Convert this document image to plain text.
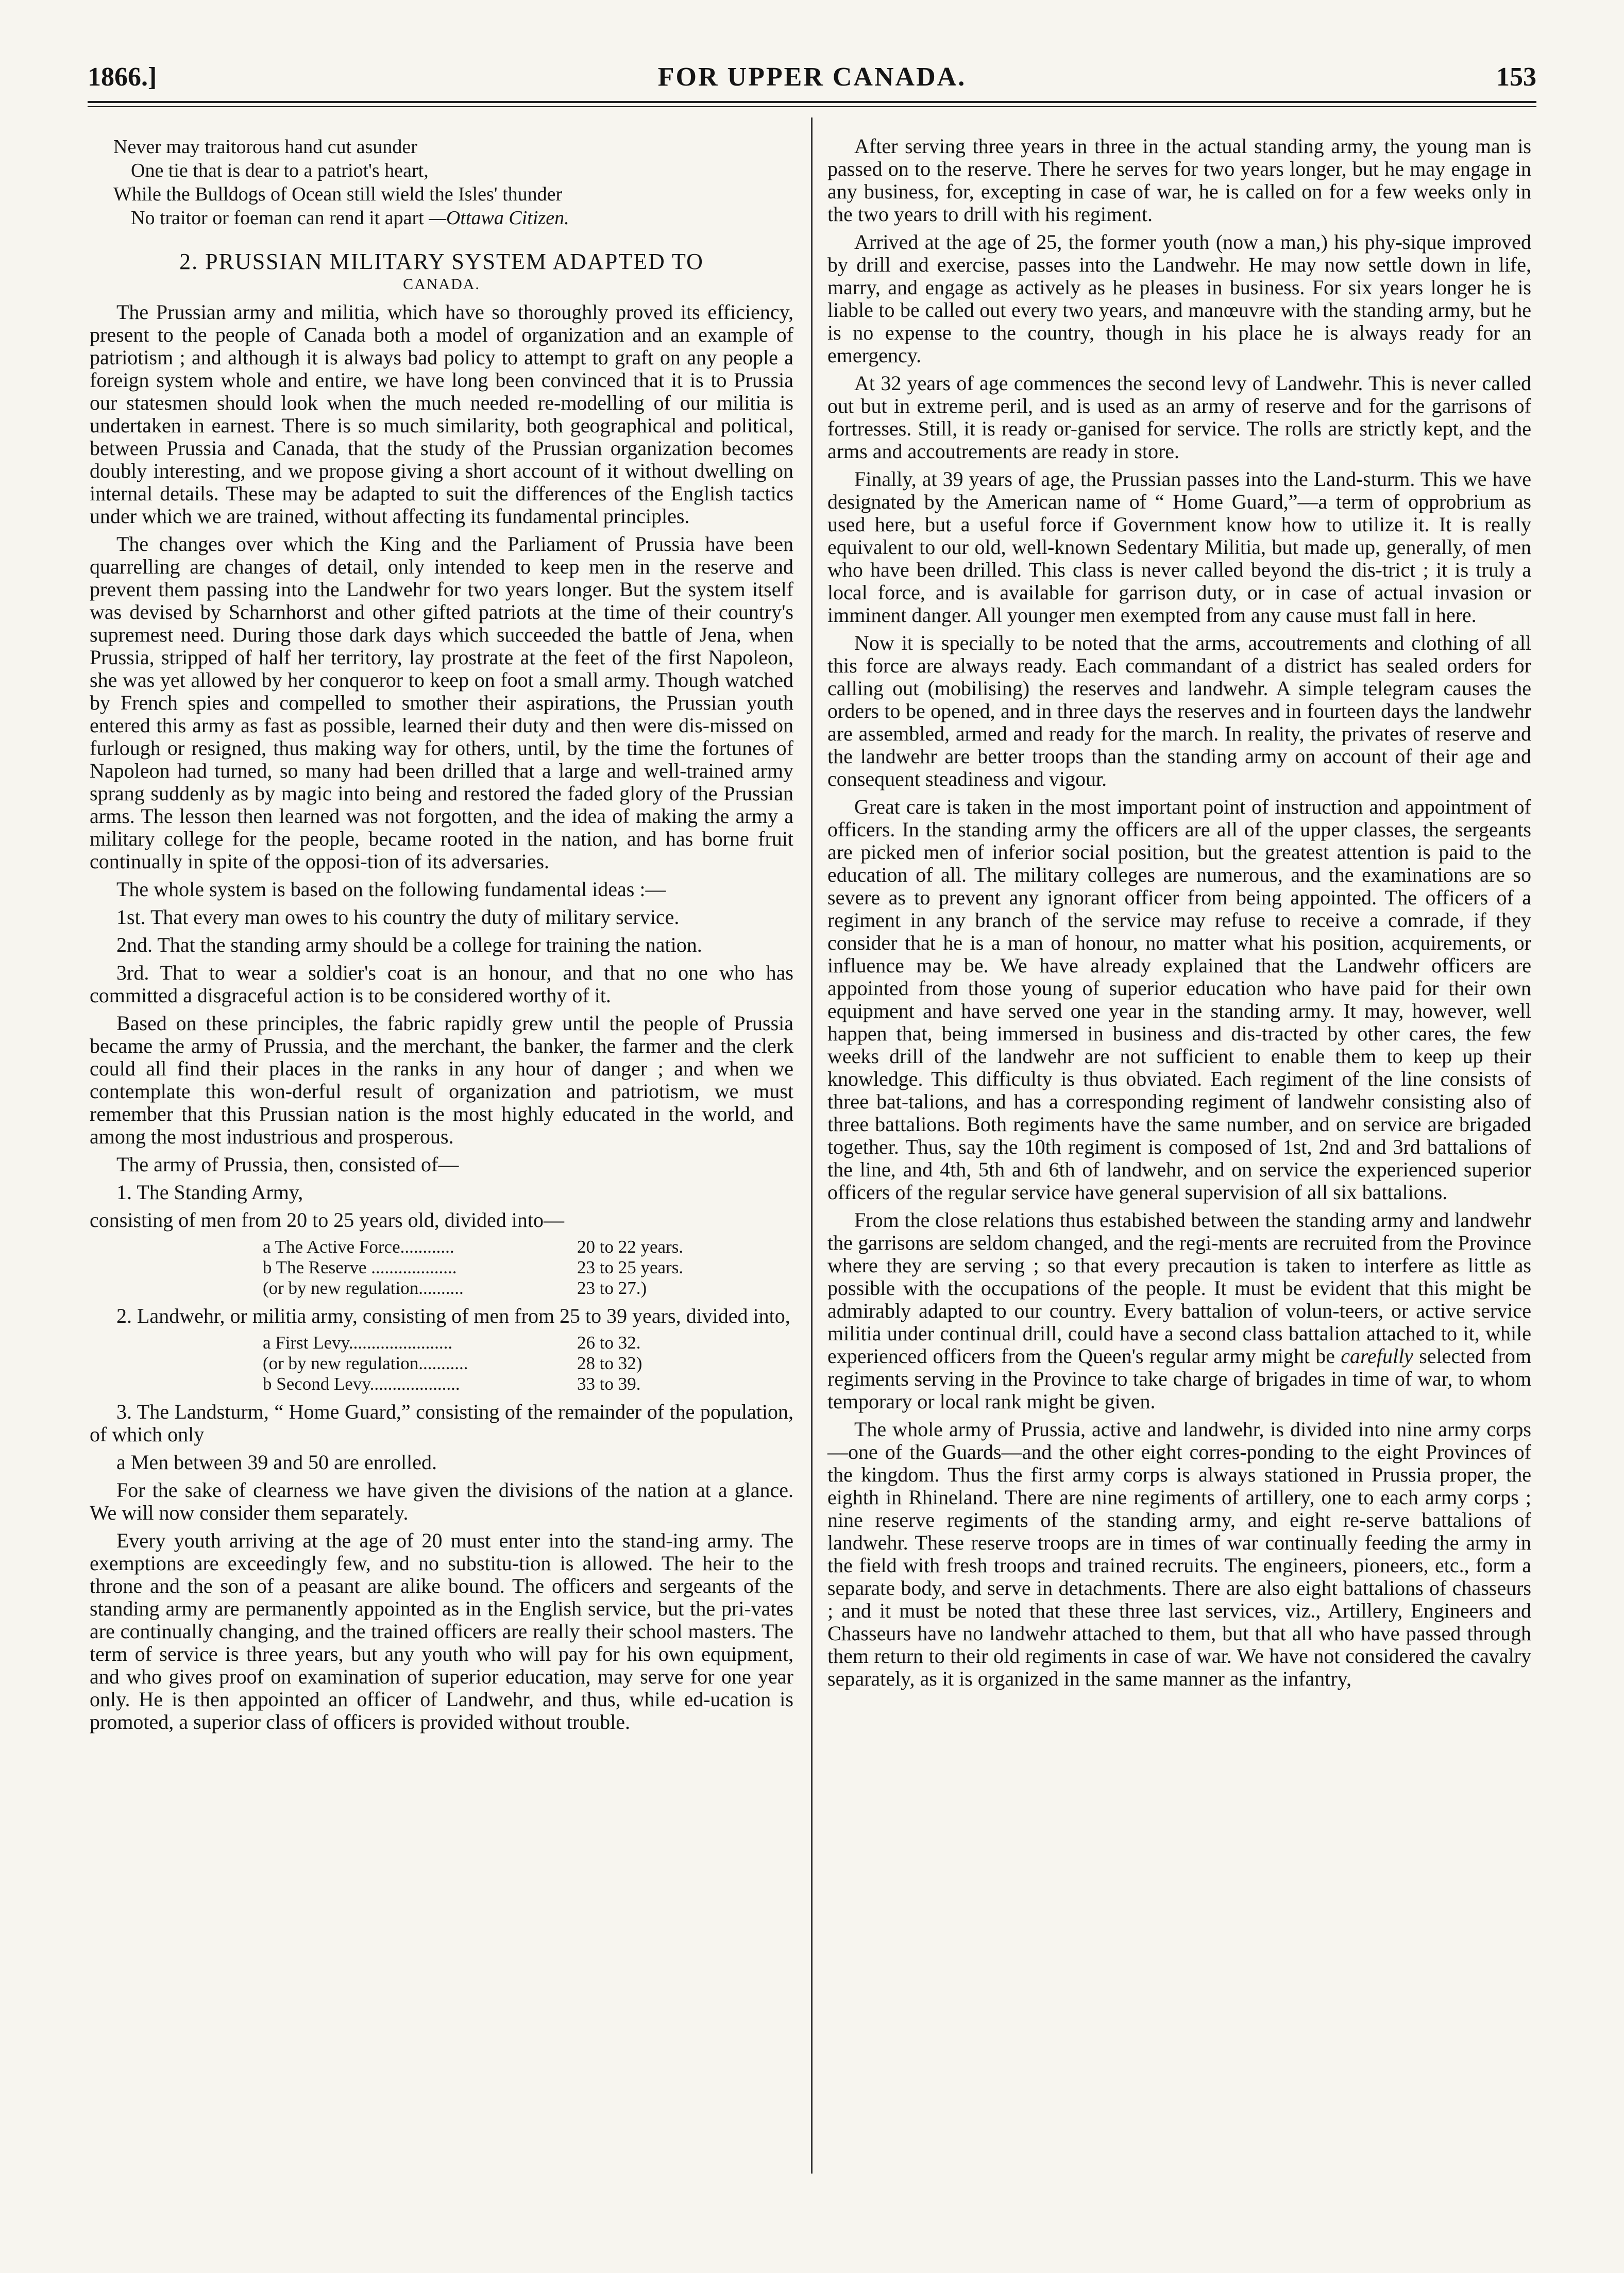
1866.]	FOR UPPER CANADA.	153
Never may traitorous hand cut asunder
One tie that is dear to a patriot's heart,
While the Bulldogs of Ocean still wield the Isles' thunder
No traitor or foeman can rend it apart —Ottawa Citizen.
2. PRUSSIAN MILITARY SYSTEM ADAPTED TO
CANADA.

The Prussian army and militia, which have so thoroughly proved its efficiency, present to the people of Canada both a model of organization and an example of patriotism ; and although it is always bad policy to attempt to graft on any people a foreign system whole and entire, we have long been convinced that it is to Prussia our statesmen should look when the much needed re-modelling of our militia is undertaken in earnest. There is so much similarity, both geographical and political, between Prussia and Canada, that the study of the Prussian organization becomes doubly interesting, and we propose giving a short account of it without dwelling on internal details. These may be adapted to suit the differences of the English tactics under which we are trained, without affecting its fundamental principles.

The changes over which the King and the Parliament of Prussia have been quarrelling are changes of detail, only intended to keep men in the reserve and prevent them passing into the Landwehr for two years longer. But the system itself was devised by Scharnhorst and other gifted patriots at the time of their country's supremest need. During those dark days which succeeded the battle of Jena, when Prussia, stripped of half her territory, lay prostrate at the feet of the first Napoleon, she was yet allowed by her conqueror to keep on foot a small army. Though watched by French spies and compelled to smother their aspirations, the Prussian youth entered this army as fast as possible, learned their duty and then were dis-missed on furlough or resigned, thus making way for others, until, by the time the fortunes of Napoleon had turned, so many had been drilled that a large and well-trained army sprang suddenly as by magic into being and restored the faded glory of the Prussian arms. The lesson then learned was not forgotten, and the idea of making the army a military college for the people, became rooted in the nation, and has borne fruit continually in spite of the opposi-tion of its adversaries.

The whole system is based on the following fundamental ideas :—

1st. That every man owes to his country the duty of military service.

2nd. That the standing army should be a college for training the nation.

3rd. That to wear a soldier's coat is an honour, and that no one who has committed a disgraceful action is to be considered worthy of it.

Based on these principles, the fabric rapidly grew until the people of Prussia became the army of Prussia, and the merchant, the banker, the farmer and the clerk could all find their places in the ranks in any hour of danger ; and when we contemplate this won-derful result of organization and patriotism, we must remember that this Prussian nation is the most highly educated in the world, and among the most industrious and prosperous.

The army of Prussia, then, consisted of—

1. The Standing Army,

consisting of men from 20 to 25 years old, divided into—

a The Active Force............	20 to 22 years.
b The Reserve ...................	23 to 25 years.
(or by new regulation..........	23 to 27.)

2. Landwehr, or militia army, consisting of men from 25 to 39 years, divided into,

a First Levy.......................	26 to 32.
(or by new regulation...........	28 to 32)
b Second Levy....................	33 to 39.

3. The Landsturm, “ Home Guard,” consisting of the remainder of the population, of which only

a Men between 39 and 50 are enrolled.

For the sake of clearness we have given the divisions of the nation at a glance. We will now consider them separately.

Every youth arriving at the age of 20 must enter into the stand-ing army. The exemptions are exceedingly few, and no substitu-tion is allowed. The heir to the throne and the son of a peasant are alike bound. The officers and sergeants of the standing army are permanently appointed as in the English service, but the pri-vates are continually changing, and the trained officers are really their school masters. The term of service is three years, but any youth who will pay for his own equipment, and who gives proof on examination of superior education, may serve for one year only. He is then appointed an officer of Landwehr, and thus, while ed-ucation is promoted, a superior class of officers is provided without trouble.

After serving three years in three in the actual standing army, the young man is passed on to the reserve. There he serves for two years longer, but he may engage in any business, for, excepting in case of war, he is called on for a few weeks only in the two years to drill with his regiment.

Arrived at the age of 25, the former youth (now a man,) his phy-sique improved by drill and exercise, passes into the Landwehr. He may now settle down in life, marry, and engage as actively as he pleases in business. For six years longer he is liable to be called out every two years, and manœuvre with the standing army, but he is no expense to the country, though in his place he is always ready for an emergency.

At 32 years of age commences the second levy of Landwehr. This is never called out but in extreme peril, and is used as an army of reserve and for the garrisons of fortresses. Still, it is ready or-ganised for service. The rolls are strictly kept, and the arms and accoutrements are ready in store.

Finally, at 39 years of age, the Prussian passes into the Land-sturm. This we have designated by the American name of “ Home Guard,”—a term of opprobrium as used here, but a useful force if Government know how to utilize it. It is really equivalent to our old, well-known Sedentary Militia, but made up, generally, of men who have been drilled. This class is never called beyond the dis-trict ; it is truly a local force, and is available for garrison duty, or in case of actual invasion or imminent danger. All younger men exempted from any cause must fall in here.

Now it is specially to be noted that the arms, accoutrements and clothing of all this force are always ready. Each commandant of a district has sealed orders for calling out (mobilising) the reserves and landwehr. A simple telegram causes the orders to be opened, and in three days the reserves and in fourteen days the landwehr are assembled, armed and ready for the march. In reality, the privates of reserve and the landwehr are better troops than the standing army on account of their age and consequent steadiness and vigour.

Great care is taken in the most important point of instruction and appointment of officers. In the standing army the officers are all of the upper classes, the sergeants are picked men of inferior social position, but the greatest attention is paid to the education of all. The military colleges are numerous, and the examinations are so severe as to prevent any ignorant officer from being appointed. The officers of a regiment in any branch of the service may refuse to receive a comrade, if they consider that he is a man of honour, no matter what his position, acquirements, or influence may be. We have already explained that the Landwehr officers are appointed from those young of superior education who have paid for their own equipment and have served one year in the standing army. It may, however, well happen that, being immersed in business and dis-tracted by other cares, the few weeks drill of the landwehr are not sufficient to enable them to keep up their knowledge. This difficulty is thus obviated. Each regiment of the line consists of three bat-talions, and has a corresponding regiment of landwehr consisting also of three battalions. Both regiments have the same number, and on service are brigaded together. Thus, say the 10th regiment is composed of 1st, 2nd and 3rd battalions of the line, and 4th, 5th and 6th of landwehr, and on service the experienced superior officers of the regular service have general supervision of all six battalions.

From the close relations thus estabished between the standing army and landwehr the garrisons are seldom changed, and the regi-ments are recruited from the Province where they are serving ; so that every precaution is taken to interfere as little as possible with the occupations of the people. It must be evident that this might be admirably adapted to our country. Every battalion of volun-teers, or active service militia under continual drill, could have a second class battalion attached to it, while experienced officers from the Queen's regular army might be carefully selected from regiments serving in the Province to take charge of brigades in time of war, to whom temporary or local rank might be given.

The whole army of Prussia, active and landwehr, is divided into nine army corps—one of the Guards—and the other eight corres-ponding to the eight Provinces of the kingdom. Thus the first army corps is always stationed in Prussia proper, the eighth in Rhineland. There are nine regiments of artillery, one to each army corps ; nine reserve regiments of the standing army, and eight re-serve battalions of landwehr. These reserve troops are in times of war continually feeding the army in the field with fresh troops and trained recruits. The engineers, pioneers, etc., form a separate body, and serve in detachments. There are also eight battalions of chasseurs ; and it must be noted that these three last services, viz., Artillery, Engineers and Chasseurs have no landwehr attached to them, but that all who have passed through them return to their old regiments in case of war. We have not considered the cavalry separately, as it is organized in the same manner as the infantry,
